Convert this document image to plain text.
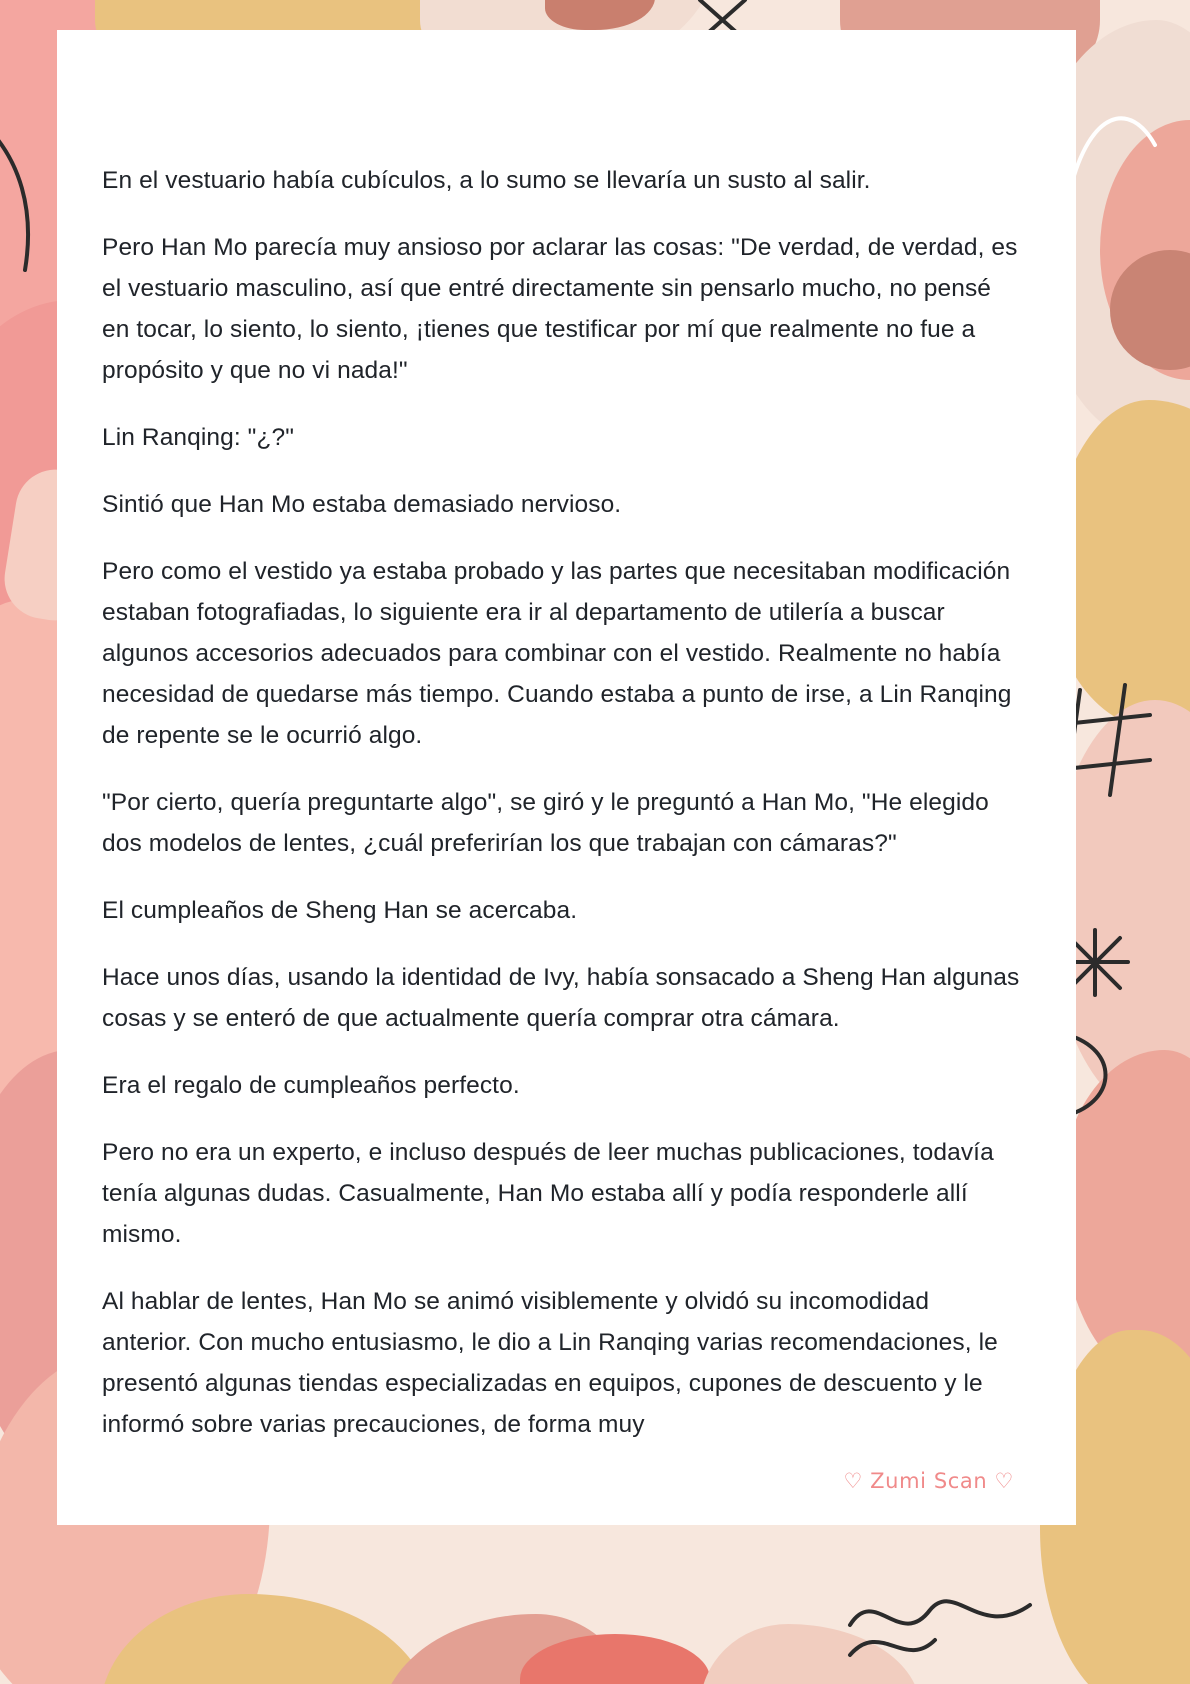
En el vestuario había cubículos, a lo sumo se llevaría un susto al salir.

Pero Han Mo parecía muy ansioso por aclarar las cosas: "De verdad, de verdad, es el vestuario masculino, así que entré directamente sin pensarlo mucho, no pensé en tocar, lo siento, lo siento, ¡tienes que testificar por mí que realmente no fue a propósito y que no vi nada!"

Lin Ranqing: "¿?"

Sintió que Han Mo estaba demasiado nervioso.

Pero como el vestido ya estaba probado y las partes que necesitaban modificación estaban fotografiadas, lo siguiente era ir al departamento de utilería a buscar algunos accesorios adecuados para combinar con el vestido. Realmente no había necesidad de quedarse más tiempo. Cuando estaba a punto de irse, a Lin Ranqing de repente se le ocurrió algo.

"Por cierto, quería preguntarte algo", se giró y le preguntó a Han Mo, "He elegido dos modelos de lentes, ¿cuál preferirían los que trabajan con cámaras?"

El cumpleaños de Sheng Han se acercaba.

Hace unos días, usando la identidad de Ivy, había sonsacado a Sheng Han algunas cosas y se enteró de que actualmente quería comprar otra cámara.

Era el regalo de cumpleaños perfecto.

Pero no era un experto, e incluso después de leer muchas publicaciones, todavía tenía algunas dudas. Casualmente, Han Mo estaba allí y podía responderle allí mismo.

Al hablar de lentes, Han Mo se animó visiblemente y olvidó su incomodidad anterior. Con mucho entusiasmo, le dio a Lin Ranqing varias recomendaciones, le presentó algunas tiendas especializadas en equipos, cupones de descuento y le informó sobre varias precauciones, de forma muy

♡ Zumi Scan ♡
